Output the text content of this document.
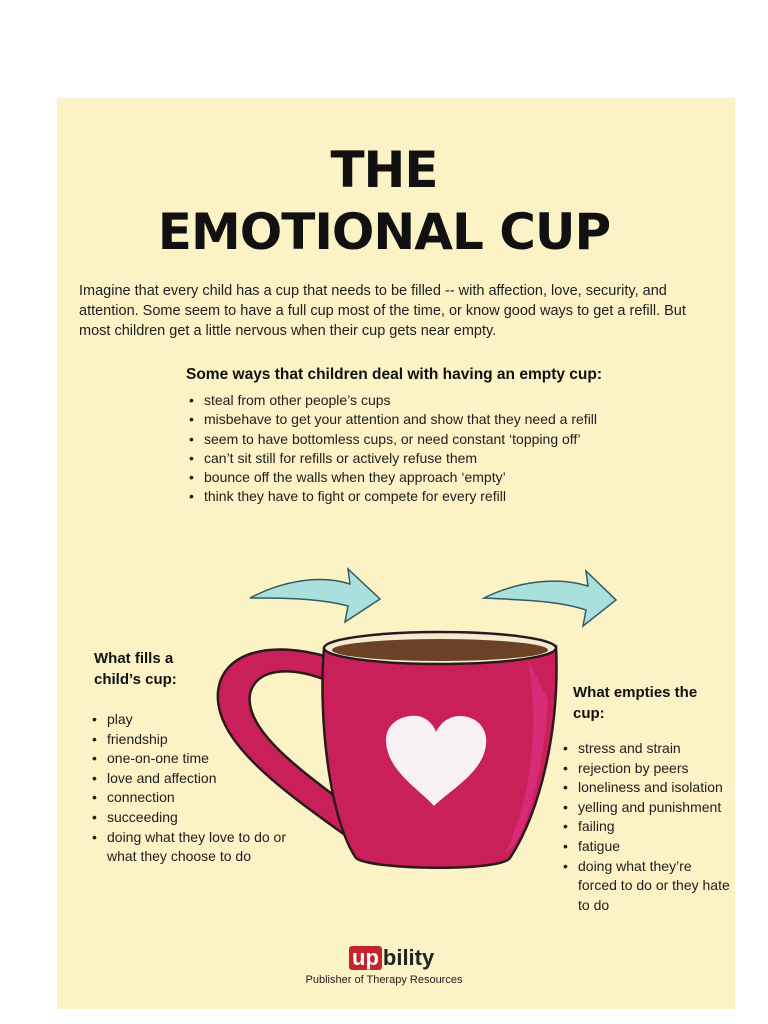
THE
EMOTIONAL CUP

Imagine that every child has a cup that needs to be filled -- with affection, love, security, and attention. Some seem to have a full cup most of the time, or know good ways to get a refill. But most children get a little nervous when their cup gets near empty.

Some ways that children deal with having an empty cup:

• steal from other people’s cups
• misbehave to get your attention and show that they need a refill
• seem to have bottomless cups, or need constant ‘topping off’
• can’t sit still for refills or actively refuse them
• bounce off the walls when they approach ‘empty’
• think they have to fight or compete for every refill

What fills a child’s cup:

• play
• friendship
• one-on-one time
• love and affection
• connection
• succeeding
• doing what they love to do or what they choose to do

What empties the cup:

• stress and strain
• rejection by peers
• loneliness and isolation
• yelling and punishment
• failing
• fatigue
• doing what they’re forced to do or they hate to do
up bility
Publisher of Therapy Resources
